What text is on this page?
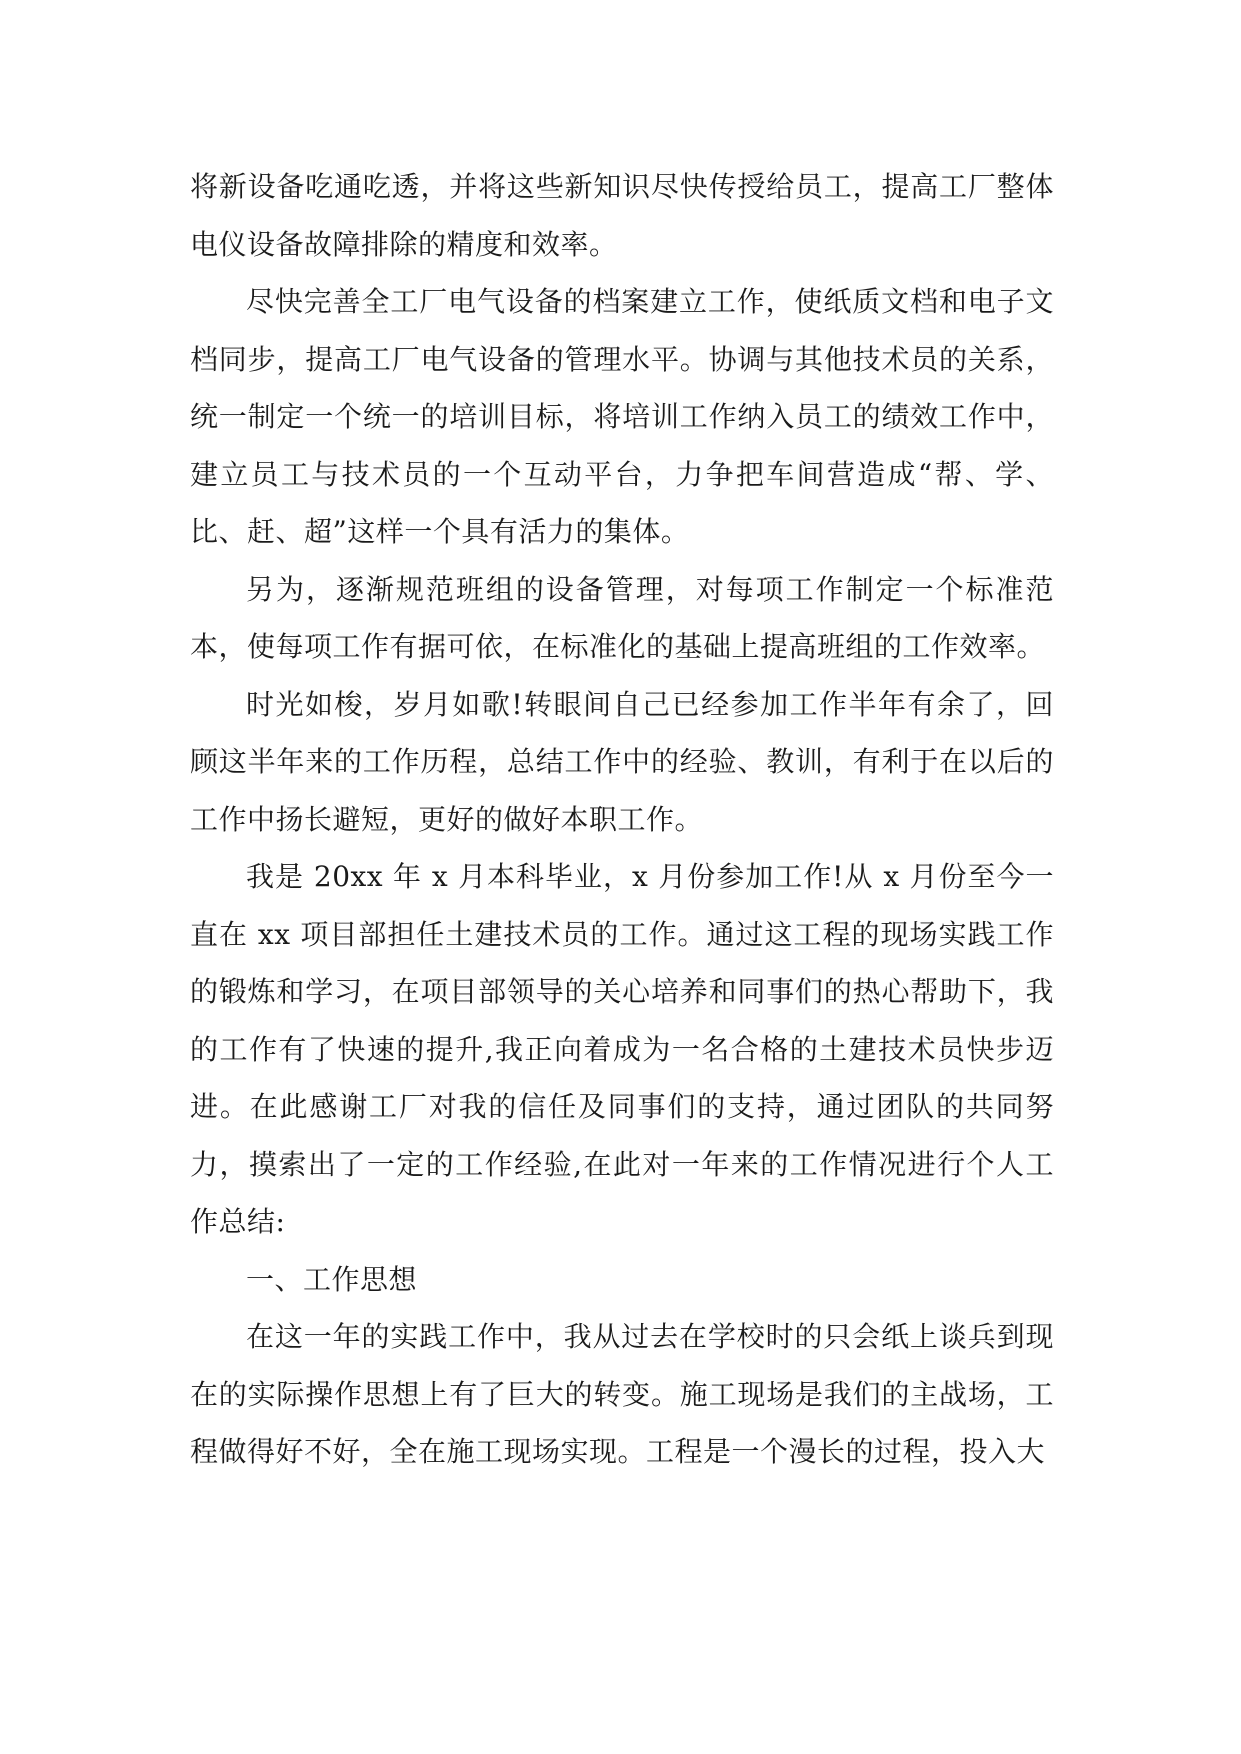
将新设备吃通吃透，并将这些新知识尽快传授给员工，提高工厂整体电仪设备故障排除的精度和效率。

尽快完善全工厂电气设备的档案建立工作，使纸质文档和电子文档同步，提高工厂电气设备的管理水平。协调与其他技术员的关系，统一制定一个统一的培训目标，将培训工作纳入员工的绩效工作中，建立员工与技术员的一个互动平台，力争把车间营造成“帮、学、比、赶、超”这样一个具有活力的集体。

另为，逐渐规范班组的设备管理，对每项工作制定一个标准范本，使每项工作有据可依，在标准化的基础上提高班组的工作效率。

时光如梭，岁月如歌!转眼间自己已经参加工作半年有余了，回顾这半年来的工作历程，总结工作中的经验、教训，有利于在以后的工作中扬长避短，更好的做好本职工作。

我是 20xx 年 x 月本科毕业，x 月份参加工作!从 x 月份至今一直在 xx 项目部担任土建技术员的工作。通过这工程的现场实践工作的锻炼和学习，在项目部领导的关心培养和同事们的热心帮助下，我的工作有了快速的提升,我正向着成为一名合格的土建技术员快步迈进。在此感谢工厂对我的信任及同事们的支持，通过团队的共同努力，摸索出了一定的工作经验,在此对一年来的工作情况进行个人工作总结:

一、工作思想

在这一年的实践工作中，我从过去在学校时的只会纸上谈兵到现在的实际操作思想上有了巨大的转变。施工现场是我们的主战场，工程做得好不好，全在施工现场实现。工程是一个漫长的过程，投入大
